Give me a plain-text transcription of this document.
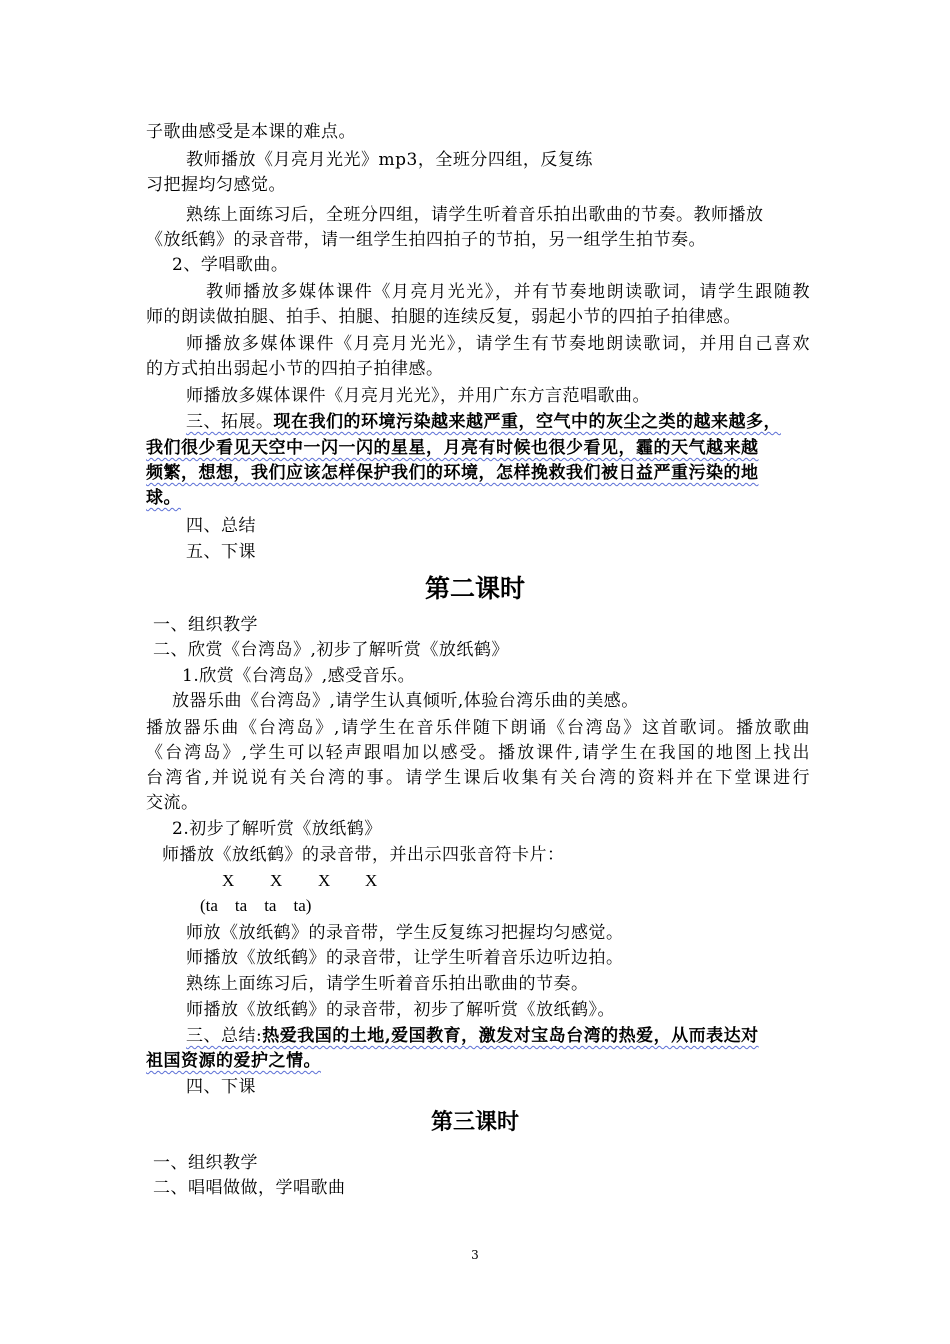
子歌曲感受是本课的难点。
教师播放《月亮月光光》mp3，全班分四组，反复练
习把握均匀感觉。
熟练上面练习后，全班分四组，请学生听着音乐拍出歌曲的节奏。教师播放
《放纸鹤》的录音带，请一组学生拍四拍子的节拍，另一组学生拍节奏。
2、学唱歌曲。
教师播放多媒体课件《月亮月光光》，并有节奏地朗读歌词，请学生跟随教
师的朗读做拍腿、拍手、拍腿、拍腿的连续反复，弱起小节的四拍子拍律感。
师播放多媒体课件《月亮月光光》，请学生有节奏地朗读歌词，并用自己喜欢
的方式拍出弱起小节的四拍子拍律感。
师播放多媒体课件《月亮月光光》，并用广东方言范唱歌曲。
三、拓展。现在我们的环境污染越来越严重，空气中的灰尘之类的越来越多，
我们很少看见天空中一闪一闪的星星，月亮有时候也很少看见，霾的天气越来越
频繁，想想，我们应该怎样保护我们的环境，怎样挽救我们被日益严重污染的地
球。
四、总结
五、下课
第二课时
一、组织教学
二、欣赏《台湾岛》,初步了解听赏《放纸鹤》
1.欣赏《台湾岛》,感受音乐。
放器乐曲《台湾岛》,请学生认真倾听,体验台湾乐曲的美感。
播放器乐曲《台湾岛》,请学生在音乐伴随下朗诵《台湾岛》这首歌词。播放歌曲
《台湾岛》,学生可以轻声跟唱加以感受。播放课件,请学生在我国的地图上找出
台湾省,并说说有关台湾的事。请学生课后收集有关台湾的资料并在下堂课进行
交流。
2.初步了解听赏《放纸鹤》
师播放《放纸鹤》的录音带，并出示四张音符卡片：
X X X X
(ta    ta    ta    ta)
师放《放纸鹤》的录音带，学生反复练习把握均匀感觉。
师播放《放纸鹤》的录音带，让学生听着音乐边听边拍。
熟练上面练习后，请学生听着音乐拍出歌曲的节奏。
师播放《放纸鹤》的录音带，初步了解听赏《放纸鹤》。
三、总结:热爱我国的土地,爱国教育，激发对宝岛台湾的热爱，从而表达对
祖国资源的爱护之情。
四、下课
第三课时
一、组织教学
二、唱唱做做，学唱歌曲
3
